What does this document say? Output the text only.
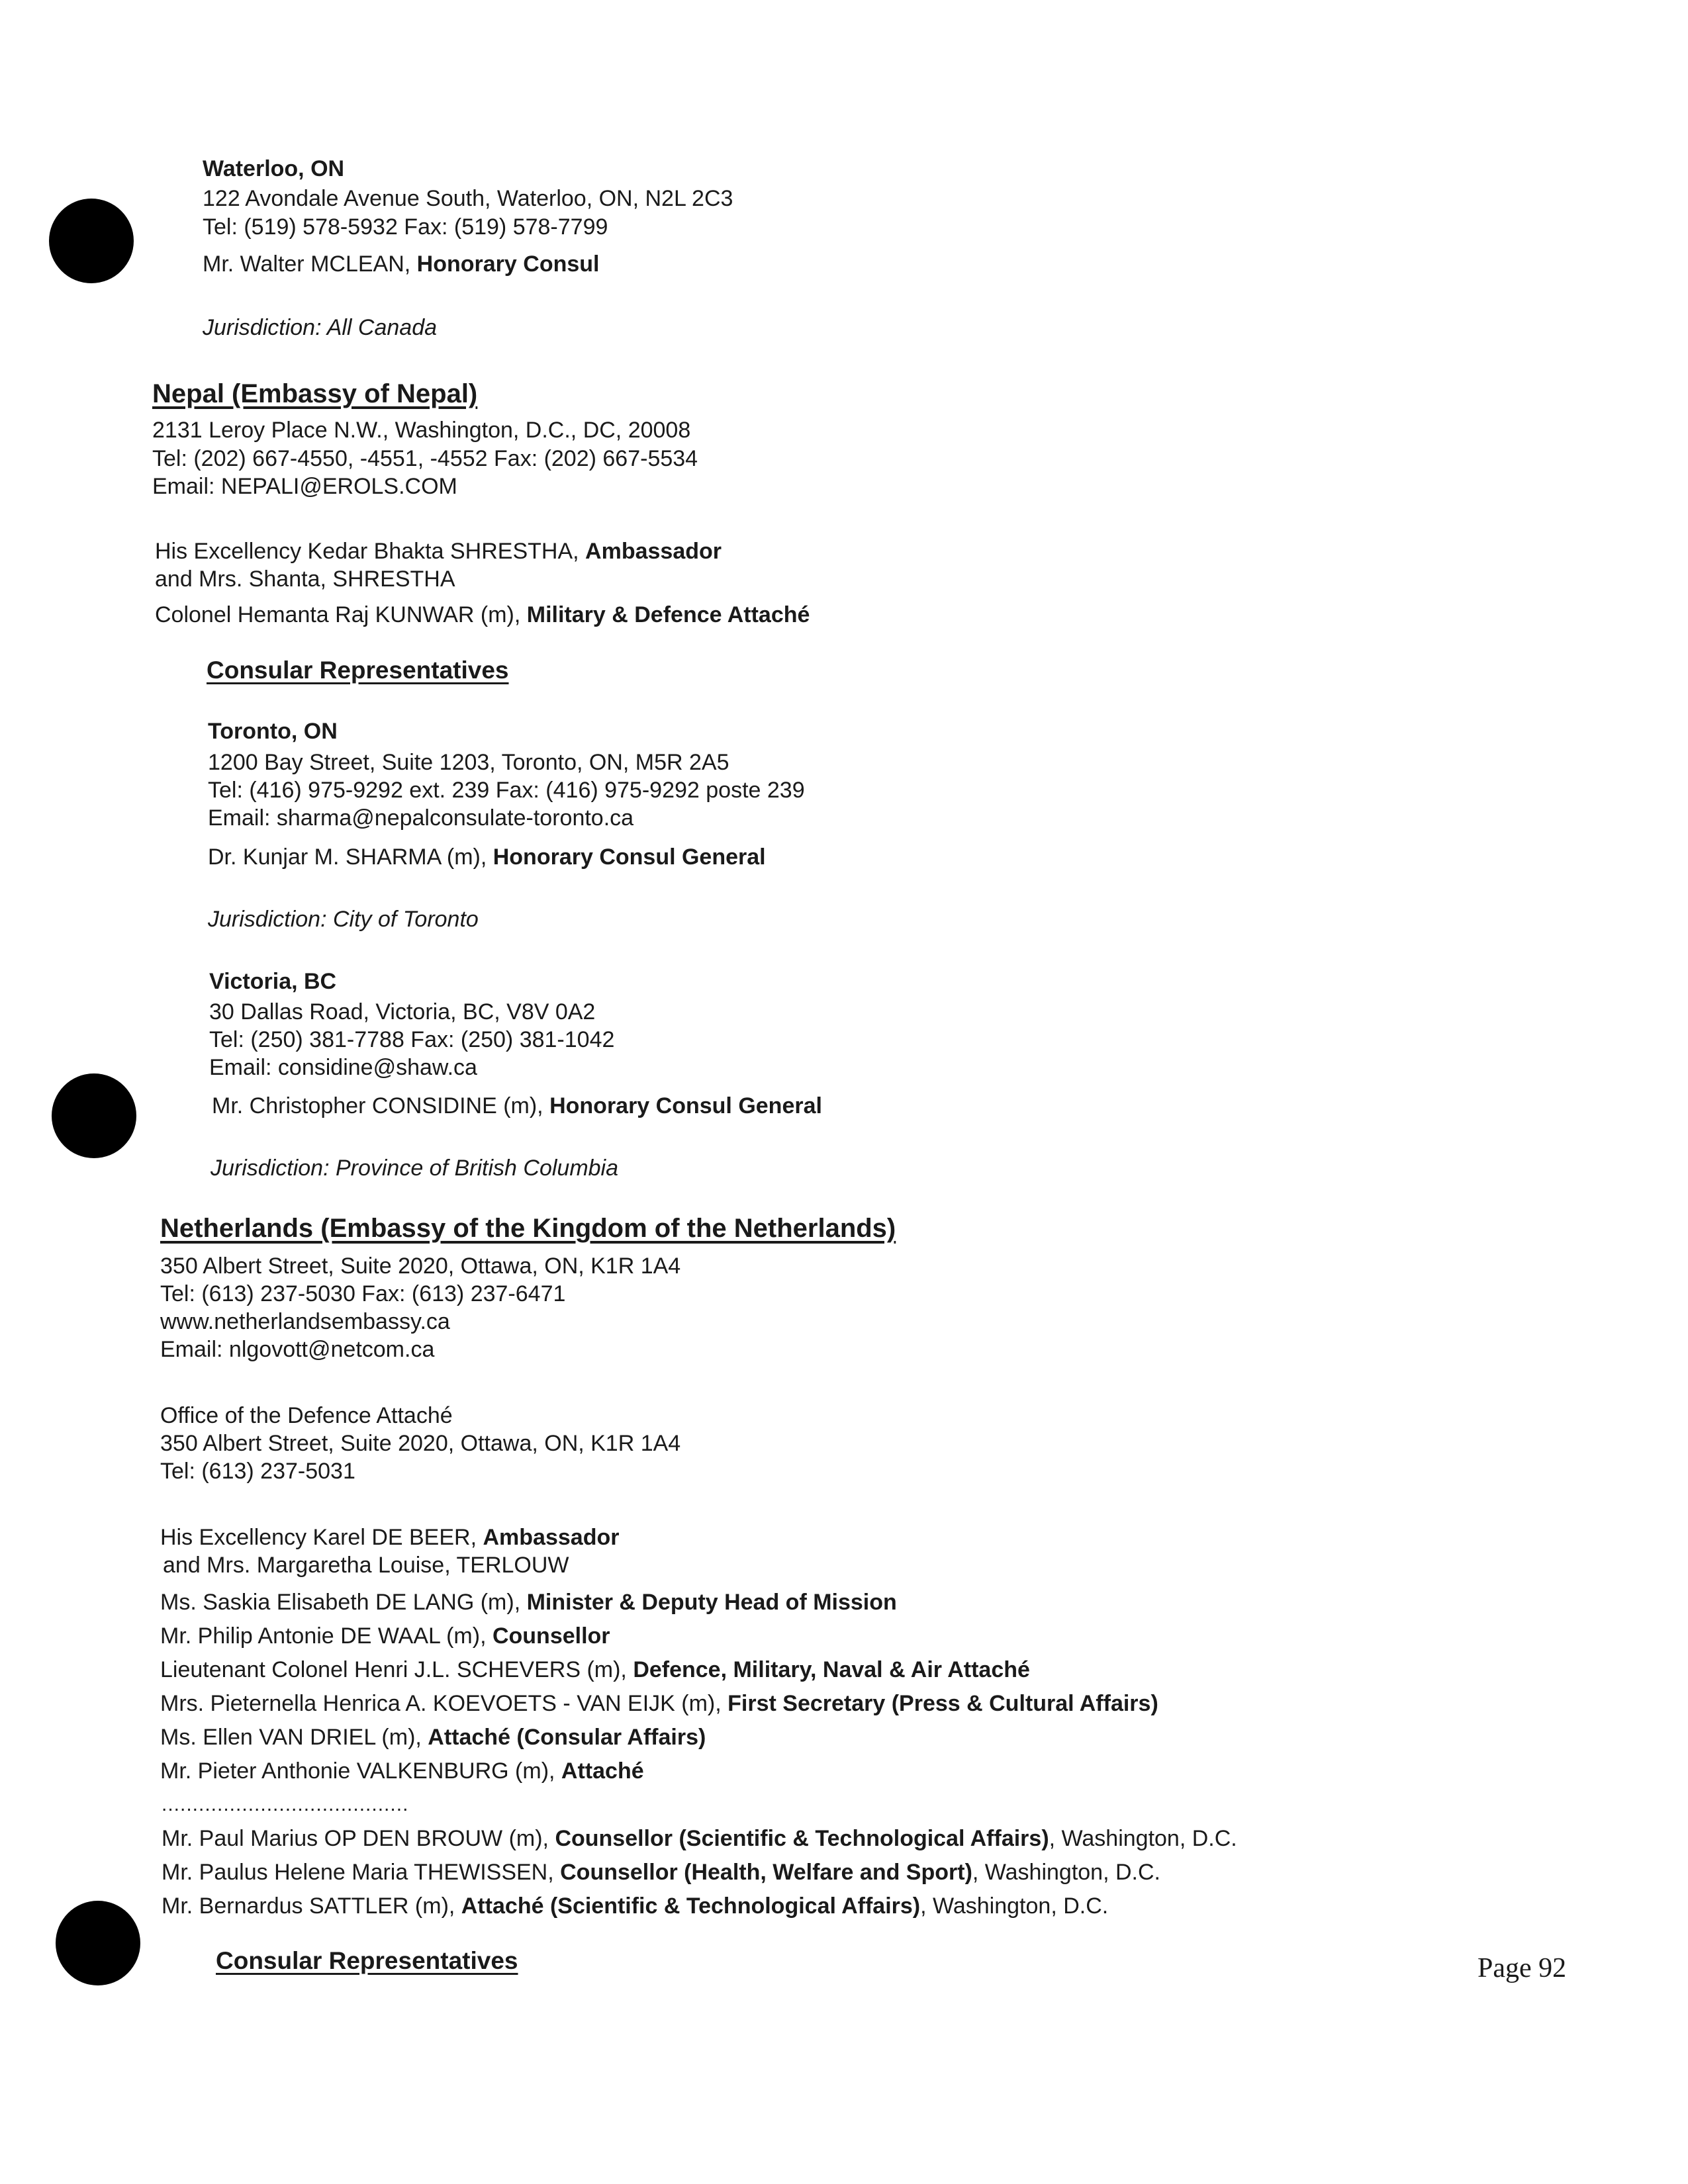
Waterloo, ON
122 Avondale Avenue South, Waterloo, ON, N2L 2C3
Tel: (519) 578-5932 Fax: (519) 578-7799
Mr. Walter MCLEAN, Honorary Consul
Jurisdiction: All Canada
Nepal (Embassy of Nepal)
2131 Leroy Place N.W., Washington, D.C., DC, 20008
Tel: (202) 667-4550, -4551, -4552 Fax: (202) 667-5534
Email: NEPALI@EROLS.COM
His Excellency Kedar Bhakta SHRESTHA, Ambassador
and Mrs. Shanta, SHRESTHA
Colonel Hemanta Raj KUNWAR (m), Military & Defence Attaché
Consular Representatives
Toronto, ON
1200 Bay Street, Suite 1203, Toronto, ON, M5R 2A5
Tel: (416) 975-9292 ext. 239 Fax: (416) 975-9292 poste 239
Email: sharma@nepalconsulate-toronto.ca
Dr. Kunjar M. SHARMA (m), Honorary Consul General
Jurisdiction: City of Toronto
Victoria, BC
30 Dallas Road, Victoria, BC, V8V 0A2
Tel: (250) 381-7788 Fax: (250) 381-1042
Email: considine@shaw.ca
Mr. Christopher CONSIDINE (m), Honorary Consul General
Jurisdiction: Province of British Columbia
Netherlands (Embassy of the Kingdom of the Netherlands)
350 Albert Street, Suite 2020, Ottawa, ON, K1R 1A4
Tel: (613) 237-5030 Fax: (613) 237-6471
www.netherlandsembassy.ca
Email: nlgovott@netcom.ca
Office of the Defence Attaché
350 Albert Street, Suite 2020, Ottawa, ON, K1R 1A4
Tel: (613) 237-5031
His Excellency Karel DE BEER, Ambassador
and Mrs. Margaretha Louise, TERLOUW
Ms. Saskia Elisabeth DE LANG (m), Minister & Deputy Head of Mission
Mr. Philip Antonie DE WAAL (m), Counsellor
Lieutenant Colonel Henri J.L. SCHEVERS (m), Defence, Military, Naval & Air Attaché
Mrs. Pieternella Henrica A. KOEVOETS - VAN EIJK (m), First Secretary (Press & Cultural Affairs)
Ms. Ellen VAN DRIEL (m), Attaché (Consular Affairs)
Mr. Pieter Anthonie VALKENBURG (m), Attaché
........................................
Mr. Paul Marius OP DEN BROUW (m), Counsellor (Scientific & Technological Affairs), Washington, D.C.
Mr. Paulus Helene Maria THEWISSEN, Counsellor (Health, Welfare and Sport), Washington, D.C.
Mr. Bernardus SATTLER (m), Attaché (Scientific & Technological Affairs), Washington, D.C.
Consular Representatives	Page 92
